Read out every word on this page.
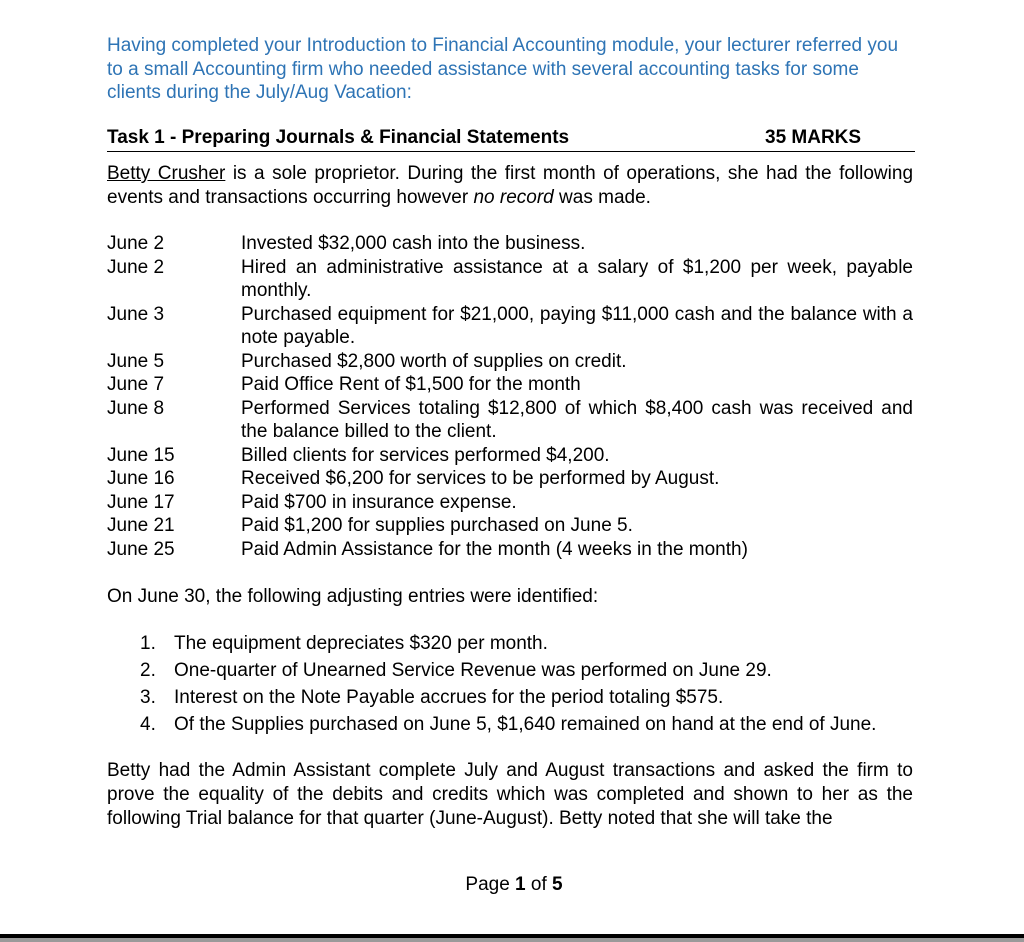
Having completed your Introduction to Financial Accounting module, your lecturer referred you to a small Accounting firm who needed assistance with several accounting tasks for some clients during the July/Aug Vacation:

Task 1 - Preparing Journals & Financial Statements	35 MARKS

Betty Crusher is a sole proprietor. During the first month of operations, she had the following events and transactions occurring however no record was made.

June 2	Invested $32,000 cash into the business.
June 2	Hired an administrative assistance at a salary of $1,200 per week, payable monthly.
June 3	Purchased equipment for $21,000, paying $11,000 cash and the balance with a note payable.
June 5	Purchased $2,800 worth of supplies on credit.
June 7	Paid Office Rent of $1,500 for the month
June 8	Performed Services totaling $12,800 of which $8,400 cash was received and the balance billed to the client.
June 15	Billed clients for services performed $4,200.
June 16	Received $6,200 for services to be performed by August.
June 17	Paid $700 in insurance expense.
June 21	Paid $1,200 for supplies purchased on June 5.
June 25	Paid Admin Assistance for the month (4 weeks in the month)

On June 30, the following adjusting entries were identified:

1. The equipment depreciates $320 per month.
2. One-quarter of Unearned Service Revenue was performed on June 29.
3. Interest on the Note Payable accrues for the period totaling $575.
4. Of the Supplies purchased on June 5, $1,640 remained on hand at the end of June.

Betty had the Admin Assistant complete July and August transactions and asked the firm to prove the equality of the debits and credits which was completed and shown to her as the following Trial balance for that quarter (June-August). Betty noted that she will take the

Page 1 of 5
